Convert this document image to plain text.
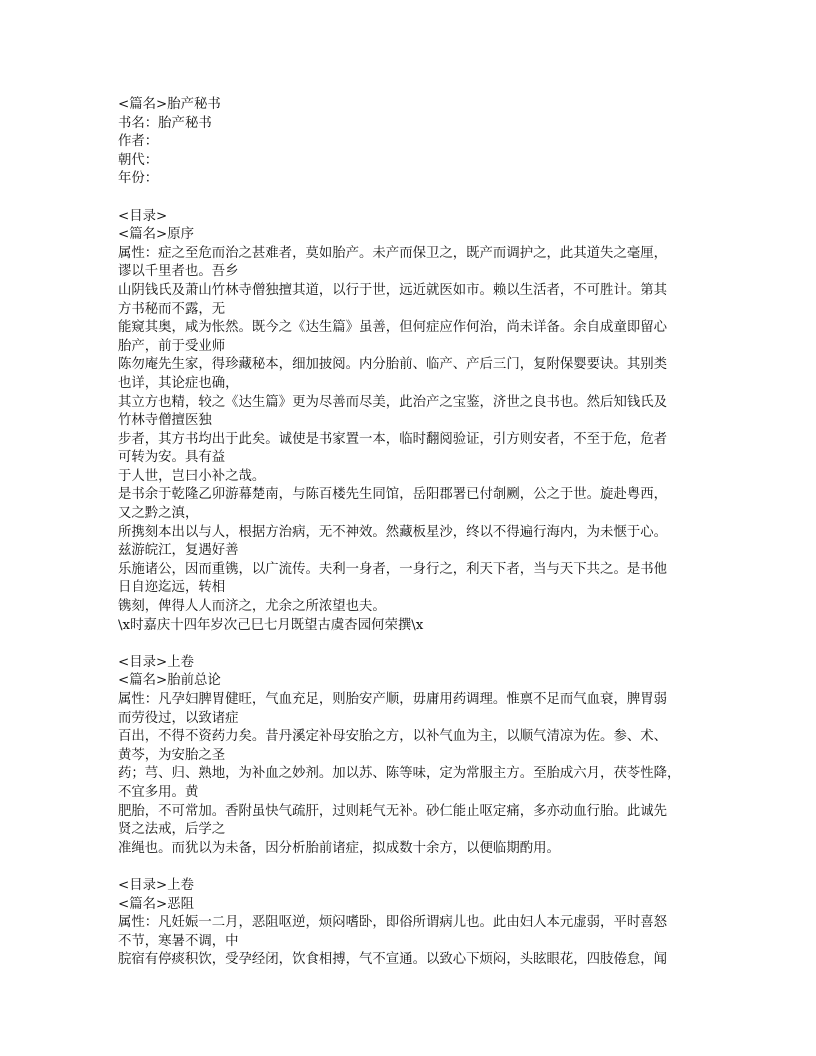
<篇名>胎产秘书
书名：胎产秘书
作者：
朝代：
年份：
<目录>
<篇名>原序
属性：症之至危而治之甚难者，莫如胎产。未产而保卫之，既产而调护之，此其道失之毫厘，
谬以千里者也。吾乡
山阴钱氏及萧山竹林寺僧独擅其道，以行于世，远近就医如市。赖以生活者，不可胜计。第其
方书秘而不露，无
能窥其奥，咸为怅然。既今之《达生篇》虽善，但何症应作何治，尚未详备。余自成童即留心
胎产，前于受业师
陈勿庵先生家，得珍藏秘本，细加披阅。内分胎前、临产、产后三门，复附保婴要诀。其别类
也详，其论症也确，
其立方也精，较之《达生篇》更为尽善而尽美，此治产之宝鉴，济世之良书也。然后知钱氏及
竹林寺僧擅医独
步者，其方书均出于此矣。诚使是书家置一本，临时翻阅验证，引方则安者，不至于危，危者
可转为安。具有益
于人世，岂曰小补之哉。
是书余于乾隆乙卯游幕楚南，与陈百楼先生同馆，岳阳郡署已付剞劂，公之于世。旋赴粤西，
又之黔之滇，
所携刻本出以与人，根据方治病，无不神效。然藏板星沙，终以不得遍行海内，为未惬于心。
兹游皖江，复遇好善
乐施诸公，因而重镌，以广流传。夫利一身者，一身行之，利天下者，当与天下共之。是书他
日自迩迄远，转相
镌刻，俾得人人而济之，尤余之所浓望也夫。
\x时嘉庆十四年岁次己巳七月既望古虞杏园何荣撰\x
<目录>上卷
<篇名>胎前总论
属性：凡孕妇脾胃健旺，气血充足，则胎安产顺，毋庸用药调理。惟禀不足而气血衰，脾胃弱
而劳役过，以致诸症
百出，不得不资药力矣。昔丹溪定补母安胎之方，以补气血为主，以顺气清凉为佐。参、术、
黄芩，为安胎之圣
药；芎、归、熟地，为补血之妙剂。加以苏、陈等味，定为常服主方。至胎成六月，茯苓性降，
不宜多用。黄
肥胎，不可常加。香附虽快气疏肝，过则耗气无补。砂仁能止呕定痛，多亦动血行胎。此诚先
贤之法戒，后学之
准绳也。而犹以为未备，因分析胎前诸症，拟成数十余方，以便临期酌用。
<目录>上卷
<篇名>恶阻
属性：凡妊娠一二月，恶阻呕逆，烦闷嗜卧，即俗所谓病儿也。此由妇人本元虚弱，平时喜怒
不节，寒暑不调，中
脘宿有停痰积饮，受孕经闭，饮食相搏，气不宣通。以致心下烦闷，头眩眼花，四肢倦怠，闻
